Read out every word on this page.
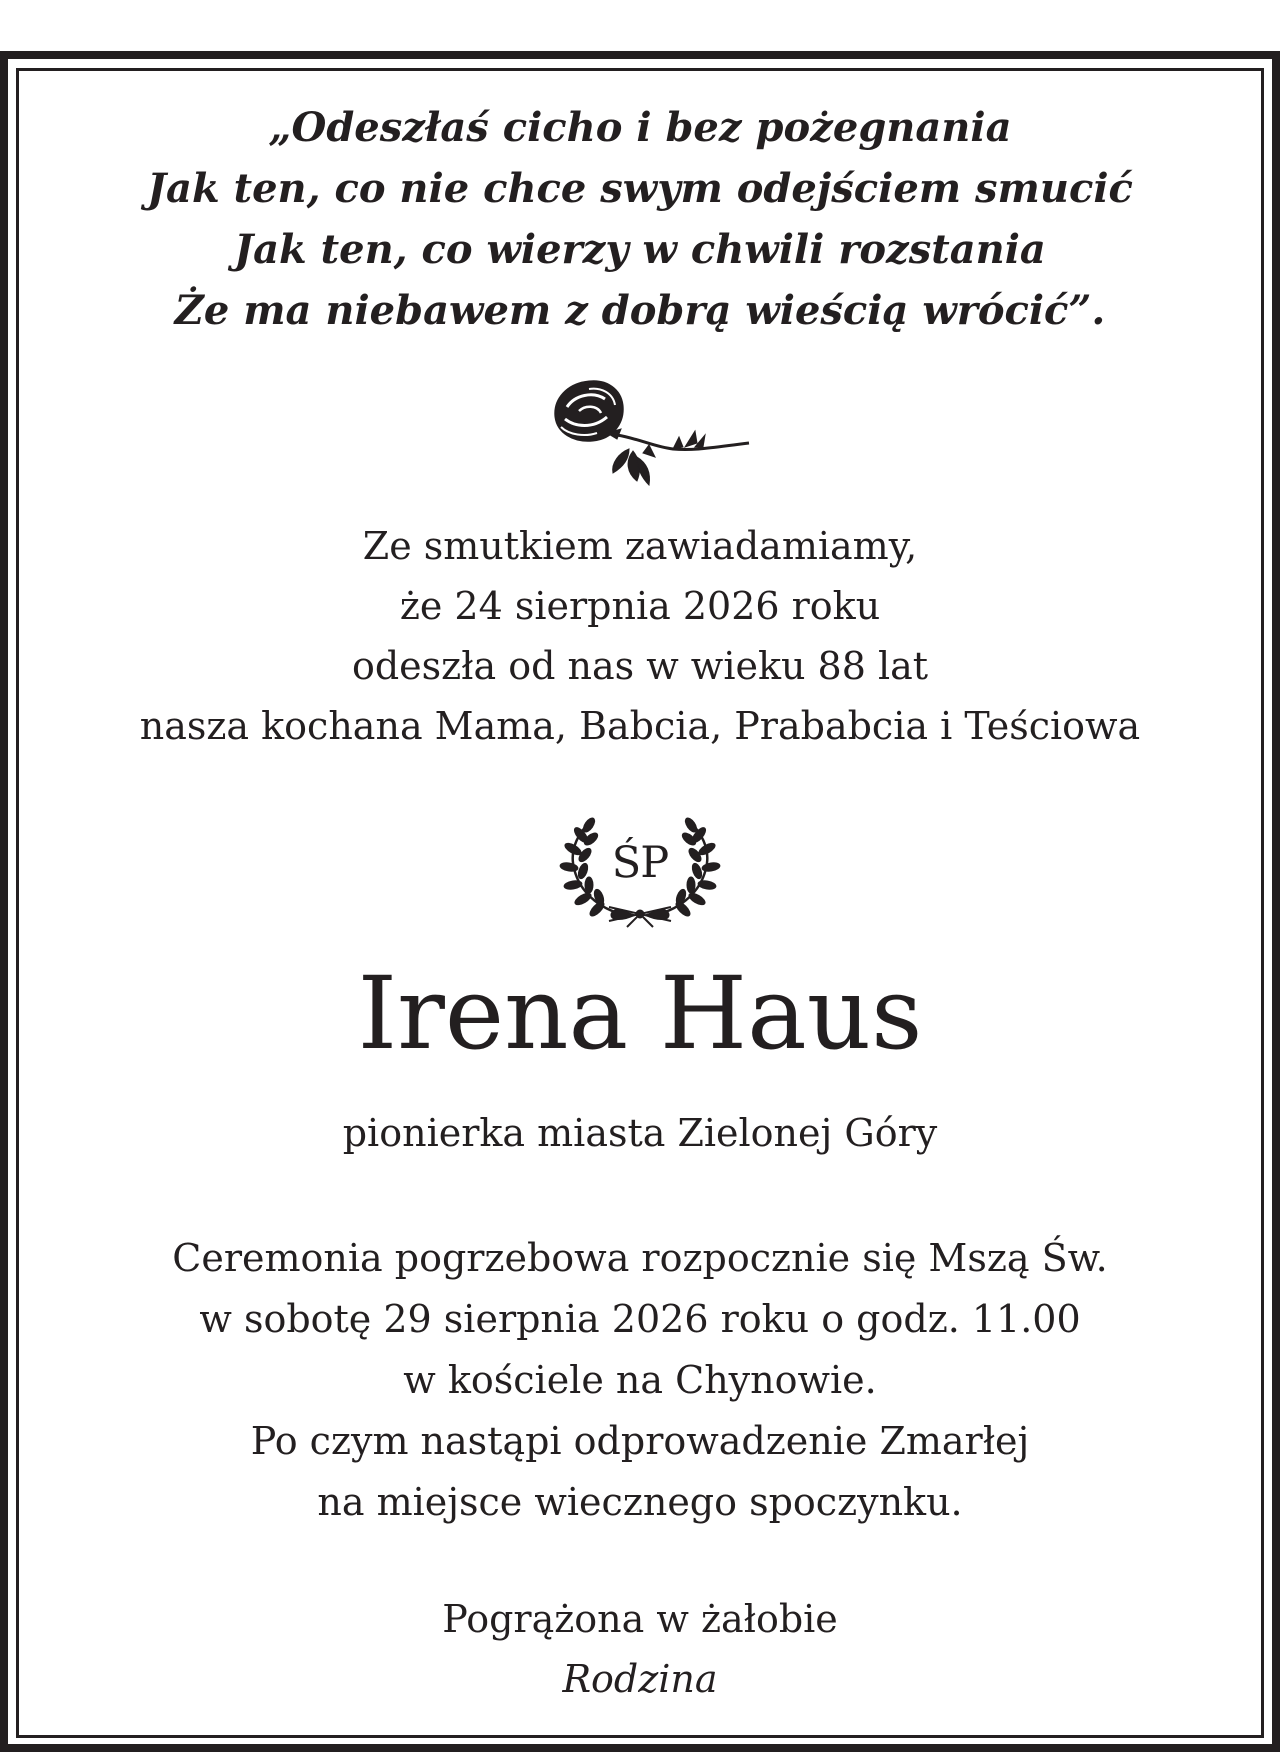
„Odeszłaś cicho i bez pożegnania
Jak ten, co nie chce swym odejściem smucić
Jak ten, co wierzy w chwili rozstania
Że ma niebawem z dobrą wieścią wrócić”.
Ze smutkiem zawiadamiamy,
że 24 sierpnia 2026 roku
odeszła od nas w wieku 88 lat
nasza kochana Mama, Babcia, Prababcia i Teściowa
ŚP
Irena Haus
pionierka miasta Zielonej Góry
Ceremonia pogrzebowa rozpocznie się Mszą Św.
w sobotę 29 sierpnia 2026 roku o godz. 11.00
w kościele na Chynowie.
Po czym nastąpi odprowadzenie Zmarłej
na miejsce wiecznego spoczynku.
Pogrążona w żałobie
Rodzina
